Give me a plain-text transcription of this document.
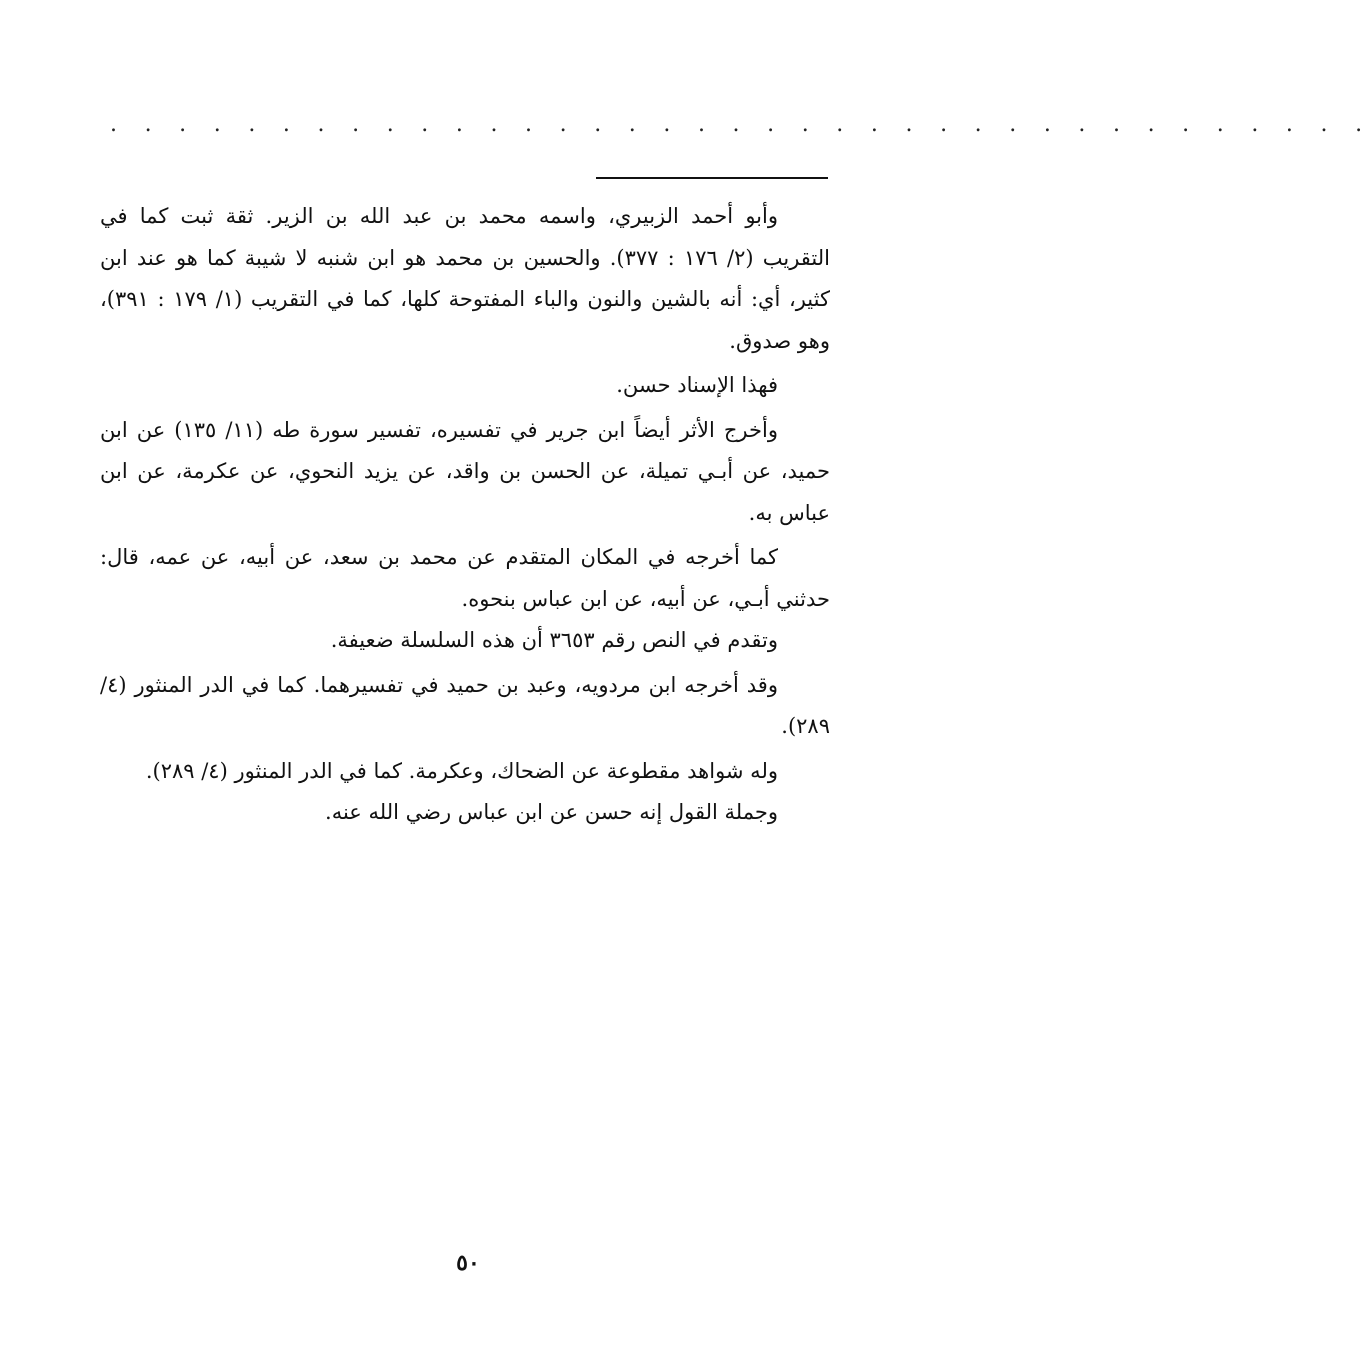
. . . . . . . . . . . . . . . . . . . . . . . . . . . . . . . . . . . . .

وأبو أحمد الزبيري، واسمه محمد بن عبد الله بن الزير. ثقة ثبت كما في التقريب (٢/ ١٧٦ : ٣٧٧). والحسين بن محمد هو ابن شنبه لا شيبة كما هو عند ابن كثير، أي: أنه بالشين والنون والباء المفتوحة كلها، كما في التقريب (١/ ١٧٩ : ٣٩١)، وهو صدوق.

فهذا الإسناد حسن.

وأخرج الأثر أيضاً ابن جرير في تفسيره، تفسير سورة طه (١١/ ١٣٥) عن ابن حميد، عن أبـي تميلة، عن الحسن بن واقد، عن يزيد النحوي، عن عكرمة، عن ابن عباس به.

كما أخرجه في المكان المتقدم عن محمد بن سعد، عن أبيه، عن عمه، قال: حدثني أبـي، عن أبيه، عن ابن عباس بنحوه.

وتقدم في النص رقم ٣٦٥٣ أن هذه السلسلة ضعيفة.

وقد أخرجه ابن مردويه، وعبد بن حميد في تفسيرهما. كما في الدر المنثور (٤/ ٢٨٩).

وله شواهد مقطوعة عن الضحاك، وعكرمة. كما في الدر المنثور (٤/ ٢٨٩).

وجملة القول إنه حسن عن ابن عباس رضي الله عنه.

٥٠
